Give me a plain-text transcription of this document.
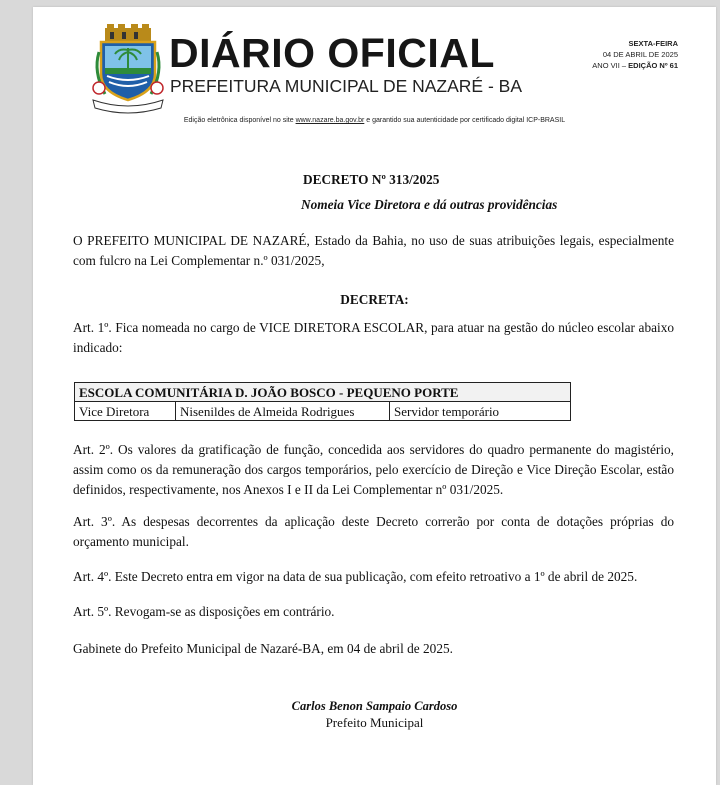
DIÁRIO OFICIAL
PREFEITURA MUNICIPAL DE NAZARÉ - BA
SEXTA-FEIRA
04 DE ABRIL DE 2025
ANO VII – EDIÇÃO Nº 61
Edição eletrônica disponível no site www.nazare.ba.gov.br e garantido sua autenticidade por certificado digital ICP-BRASIL
DECRETO Nº 313/2025
Nomeia Vice Diretora e dá outras providências
O PREFEITO MUNICIPAL DE NAZARÉ, Estado da Bahia, no uso de suas atribuições legais, especialmente com fulcro na Lei Complementar n.º 031/2025,
DECRETA:
Art. 1º. Fica nomeada no cargo de VICE DIRETORA ESCOLAR, para atuar na gestão do núcleo escolar abaixo indicado:
ESCOLA COMUNITÁRIA D. JOÃO BOSCO - PEQUENO PORTE
Vice Diretora	Nisenildes de Almeida Rodrigues	Servidor temporário
Art. 2º. Os valores da gratificação de função, concedida aos servidores do quadro permanente do magistério, assim como os da remuneração dos cargos temporários, pelo exercício de Direção e Vice Direção Escolar, estão definidos, respectivamente, nos Anexos I e II da Lei Complementar nº 031/2025.
Art. 3º. As despesas decorrentes da aplicação deste Decreto correrão por conta de dotações próprias do orçamento municipal.
Art. 4º. Este Decreto entra em vigor na data de sua publicação, com efeito retroativo a 1º de abril de 2025.
Art. 5º. Revogam-se as disposições em contrário.
Gabinete do Prefeito Municipal de Nazaré-BA, em 04 de abril de 2025.
Carlos Benon Sampaio Cardoso
Prefeito Municipal
